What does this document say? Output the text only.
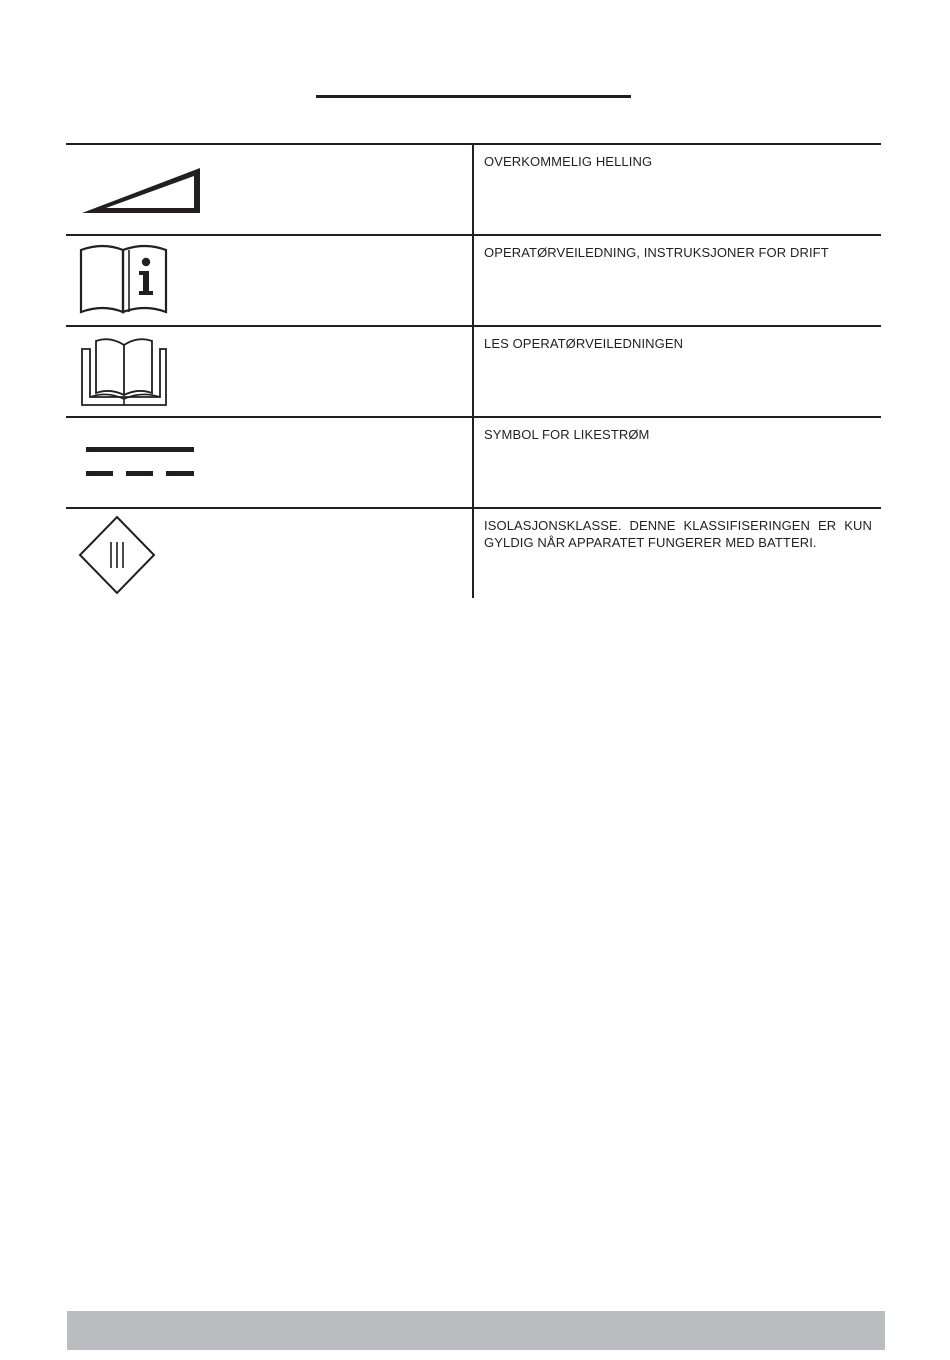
OVERKOMMELIG HELLING
OPERATØRVEILEDNING, INSTRUKSJONER FOR DRIFT
LES OPERATØRVEILEDNINGEN
SYMBOL FOR LIKESTRØM
ISOLASJONSKLASSE. DENNE KLASSIFISERINGEN ER KUN GYLDIG NÅR APPARATET FUNGERER MED BATTERI.
